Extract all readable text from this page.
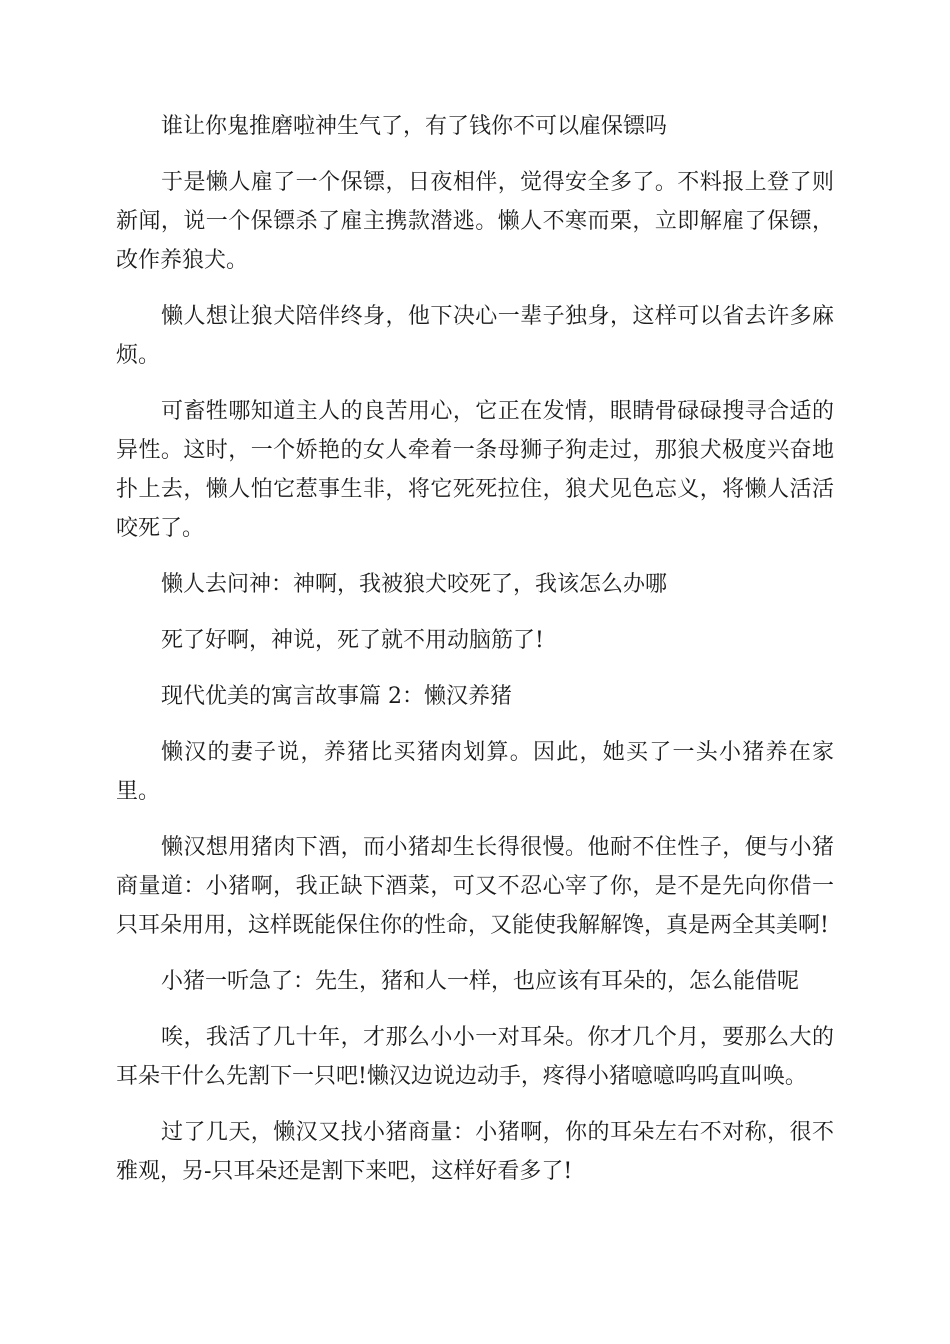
谁让你鬼推磨啦神生气了，有了钱你不可以雇保镖吗

于是懒人雇了一个保镖，日夜相伴，觉得安全多了。不料报上登了则新闻，说一个保镖杀了雇主携款潜逃。懒人不寒而栗，立即解雇了保镖，改作养狼犬。

懒人想让狼犬陪伴终身，他下决心一辈子独身，这样可以省去许多麻烦。

可畜牲哪知道主人的良苦用心，它正在发情，眼睛骨碌碌搜寻合适的异性。这时，一个娇艳的女人牵着一条母狮子狗走过，那狼犬极度兴奋地扑上去，懒人怕它惹事生非，将它死死拉住，狼犬见色忘义，将懒人活活咬死了。

懒人去问神：神啊，我被狼犬咬死了，我该怎么办哪

死了好啊，神说，死了就不用动脑筋了!

现代优美的寓言故事篇 2：懒汉养猪

懒汉的妻子说，养猪比买猪肉划算。因此，她买了一头小猪养在家里。

懒汉想用猪肉下酒，而小猪却生长得很慢。他耐不住性子，便与小猪商量道：小猪啊，我正缺下酒菜，可又不忍心宰了你，是不是先向你借一只耳朵用用，这样既能保住你的性命，又能使我解解馋，真是两全其美啊!

小猪一听急了：先生，猪和人一样，也应该有耳朵的，怎么能借呢

唉，我活了几十年，才那么小小一对耳朵。你才几个月，要那么大的耳朵干什么先割下一只吧!懒汉边说边动手，疼得小猪噫噫呜呜直叫唤。

过了几天，懒汉又找小猪商量：小猪啊，你的耳朵左右不对称，很不雅观，另-只耳朵还是割下来吧，这样好看多了!
